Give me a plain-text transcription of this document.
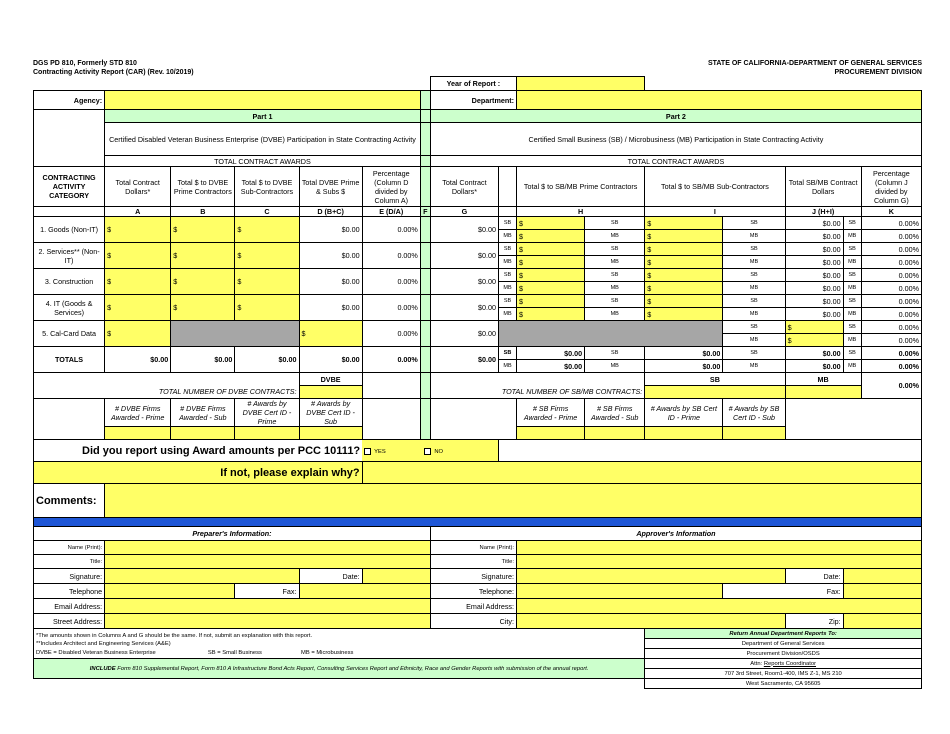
DGS PD 810, Formerly STD 810
Contracting Activity Report (CAR) (Rev. 10/2019)
STATE OF CALIFORNIA-DEPARTMENT OF GENERAL SERVICES
PROCUREMENT DIVISION
							Year of Report :								
Agency:							Department:								
	Part 1						Part 2								
	Certified Disabled Veteran Business Enterprise (DVBE) Participation in State Contracting Activity						Certified Small Business (SB) / Microbusiness (MB) Participation in State Contracting Activity								
	TOTAL CONTRACT AWARDS						TOTAL CONTRACT AWARDS								
CONTRACTING ACTIVITY CATEGORY	Total Contract Dollars*	Total $ to DVBE Prime Contractors	Total $ to DVBE Sub-Contractors	Total DVBE Prime & Subs $	Percentage (Column D divided by Column A)		Total Contract Dollars*		Total $ to SB/MB Prime Contractors		Total $ to SB/MB Sub-Contractors		Total SB/MB Contract Dollars		Percentage (Column J divided by Column G)
	A	B	C	D (B+C)	E (D/A)	F	G		H		I		J (H+I)		K
1. Goods (Non-IT)	$	$	$	$0.00	0.00%		$0.00	SB	$	SB	$	SB	$0.00	SB	0.00%
								MB	$	MB	$	MB	$0.00	MB	0.00%
2. Services** (Non-IT)	$	$	$	$0.00	0.00%		$0.00	SB	$	SB	$	SB	$0.00	SB	0.00%
								MB	$	MB	$	MB	$0.00	MB	0.00%
3. Construction	$	$	$	$0.00	0.00%		$0.00	SB	$	SB	$	SB	$0.00	SB	0.00%
								MB	$	MB	$	MB	$0.00	MB	0.00%
4. IT (Goods & Services)	$	$	$	$0.00	0.00%		$0.00	SB	$	SB	$	SB	$0.00	SB	0.00%
								MB	$	MB	$	MB	$0.00	MB	0.00%
5. Cal-Card Data	$			$	0.00%		$0.00					SB	$	SB	0.00%
												MB	$	MB	0.00%
TOTALS	$0.00	$0.00	$0.00	$0.00	0.00%		$0.00	SB	$0.00	SB	$0.00	SB	$0.00	SB	0.00%
								MB	$0.00	MB	$0.00	MB	$0.00	MB	0.00%
				DVBE							SB		MB		0.00%
TOTAL NUMBER OF DVBE CONTRACTS:							TOTAL NUMBER OF SB/MB CONTRACTS:								
	# DVBE Firms Awarded - Prime	# DVBE Firms Awarded - Sub	# Awards by DVBE Cert ID - Prime	# Awards by DVBE Cert ID - Sub					# SB Firms Awarded - Prime	# SB Firms Awarded - Sub	# Awards by SB Cert ID - Prime	# Awards by SB Cert ID - Sub			

Did you report using Award amounts per PCC 10111?					YES	NO									
If not, please explain why?															
Comments:															

Preparer's Information:							Approver's Information								
Name (Print):							Name (Print):								
Title:							Title:								
Signature:				Date:			Signature:						Date:		
Telephone			Fax:				Telephone:					Fax:			
Email Address:							Email Address:								
Street Address:							City:						Zip:		
*The amounts shown in Columns A and G should be the same. If not, submit an explanation with this report.											Return Annual Department Reports To:				
**Includes Architect and Engineering Services (A&E)											Department of General Services				
DVBE = Disabled Veteran Business Enterprise		SB = Small Business		MB = Microbusiness							Procurement Division/OSDS				
INCLUDE Form 810 Supplemental Report, Form 810 A Infrastructure Bond Acts Report, Consulting Services Report and Ethnicity, Race and Gender Reports with submission of the annual report.											Attn: Reports Coordinator				
											707 3rd Street, Room1-400, IMS Z-1, MS 210				
											West Sacramento, CA 95605				
